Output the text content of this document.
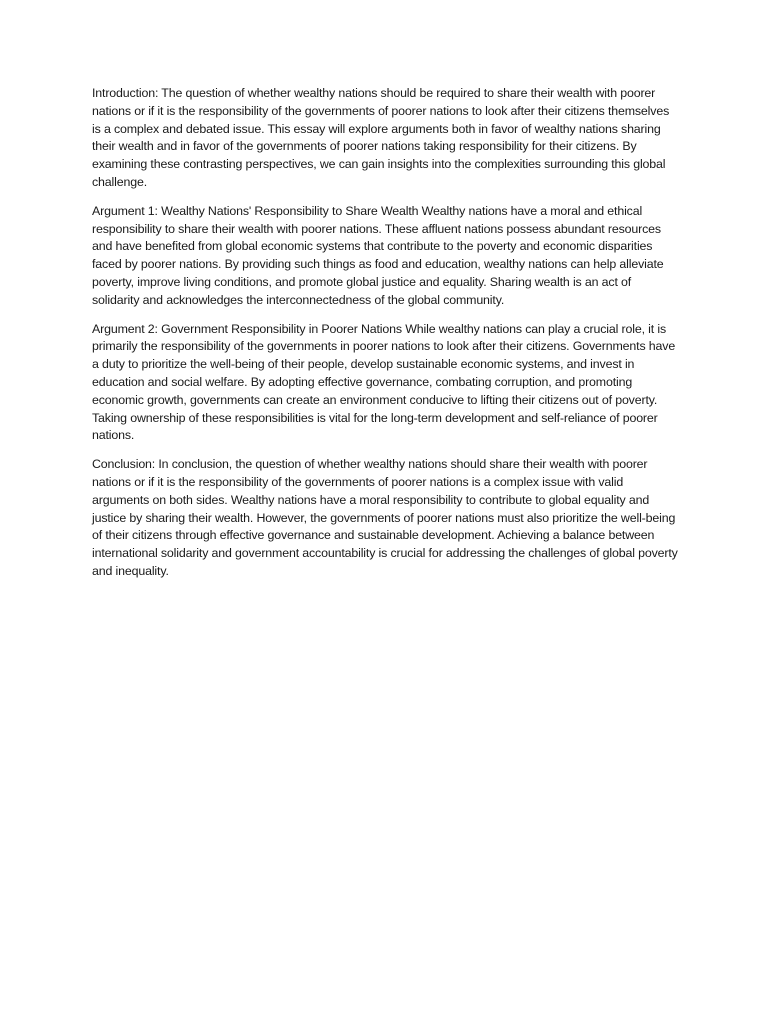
Introduction: The question of whether wealthy nations should be required to share their wealth with poorer nations or if it is the responsibility of the governments of poorer nations to look after their citizens themselves is a complex and debated issue. This essay will explore arguments both in favor of wealthy nations sharing their wealth and in favor of the governments of poorer nations taking responsibility for their citizens. By examining these contrasting perspectives, we can gain insights into the complexities surrounding this global challenge.

Argument 1: Wealthy Nations' Responsibility to Share Wealth Wealthy nations have a moral and ethical responsibility to share their wealth with poorer nations. These affluent nations possess abundant resources and have benefited from global economic systems that contribute to the poverty and economic disparities faced by poorer nations. By providing such things as food and education, wealthy nations can help alleviate poverty, improve living conditions, and promote global justice and equality. Sharing wealth is an act of solidarity and acknowledges the interconnectedness of the global community.

Argument 2: Government Responsibility in Poorer Nations While wealthy nations can play a crucial role, it is primarily the responsibility of the governments in poorer nations to look after their citizens. Governments have a duty to prioritize the well-being of their people, develop sustainable economic systems, and invest in education and social welfare. By adopting effective governance, combating corruption, and promoting economic growth, governments can create an environment conducive to lifting their citizens out of poverty. Taking ownership of these responsibilities is vital for the long-term development and self-reliance of poorer nations.

Conclusion: In conclusion, the question of whether wealthy nations should share their wealth with poorer nations or if it is the responsibility of the governments of poorer nations is a complex issue with valid arguments on both sides. Wealthy nations have a moral responsibility to contribute to global equality and justice by sharing their wealth. However, the governments of poorer nations must also prioritize the well-being of their citizens through effective governance and sustainable development. Achieving a balance between international solidarity and government accountability is crucial for addressing the challenges of global poverty and inequality.
